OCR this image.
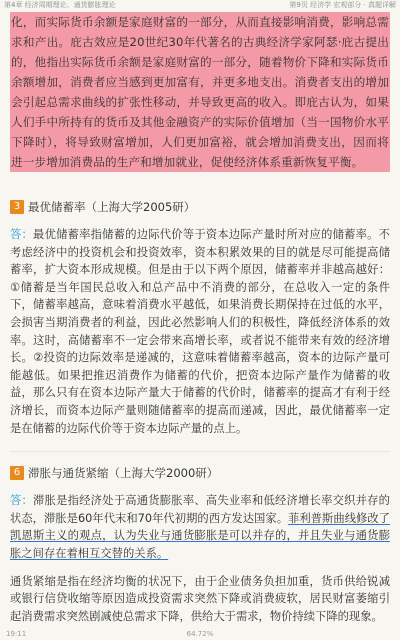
第4章 经济周期理论、通货膨胀理论	第9页 经济学 宏观部分 · 真题详解
化，而实际货币余额是家庭财富的一部分，从而直接影响消费，影响总需求和产出。庇古效应是20世纪30年代著名的古典经济学家阿瑟·庇古提出的，他指出实际货币余额是家庭财富的一部分，随着物价下降和实际货币余额增加，消费者应当感到更加富有，并更多地支出。消费者支出的增加会引起总需求曲线的扩张性移动，并导致更高的收入。即庇古认为，如果人们手中所持有的货币及其他金融资产的实际价值增加（当一国物价水平下降时），将导致财富增加，人们更加富裕，就会增加消费支出，因而将进一步增加消费品的生产和增加就业，促使经济体系重新恢复平衡。
3 最优储蓄率（上海大学2005研）
答：最优储蓄率指储蓄的边际代价等于资本边际产量时所对应的储蓄率。不考虑经济中的投资机会和投资效率，资本积累效果的目的就是尽可能提高储蓄率，扩大资本形成规模。但是由于以下两个原因，储蓄率并非越高越好：①储蓄是当年国民总收入和总产品中不消费的部分，在总收入一定的条件下，储蓄率越高，意味着消费水平越低，如果消费长期保持在过低的水平，会损害当期消费者的利益，因此必然影响人们的积极性，降低经济体系的效率。这时，高储蓄率不一定会带来高增长率，或者说不能带来有效的经济增长。②投资的边际效率是递减的，这意味着储蓄率越高，资本的边际产量可能越低。如果把推迟消费作为储蓄的代价，把资本边际产量作为储蓄的收益，那么只有在资本边际产量大于储蓄的代价时，储蓄率的提高才有利于经济增长，而资本边际产量则随储蓄率的提高而递减，因此，最优储蓄率一定是在储蓄的边际代价等于资本边际产量的点上。
6 滞胀与通货紧缩（上海大学2000研）
答：滞胀是指经济处于高通货膨胀率、高失业率和低经济增长率交织并存的状态，滞胀是60年代末和70年代初期的西方发达国家。菲利普斯曲线修改了凯恩斯主义的观点，认为失业与通货膨胀是可以并存的，并且失业与通货膨胀之间存在着相互交替的关系。
通货紧缩是指在经济均衡的状况下，由于企业债务负担加重，货币供给锐减或银行信贷收缩等原因造成投资需求突然下降或消费疲软，居民财富萎缩引起消费需求突然剧减使总需求下降，供给大于需求，物价持续下降的现象。
19:11	64.72%
